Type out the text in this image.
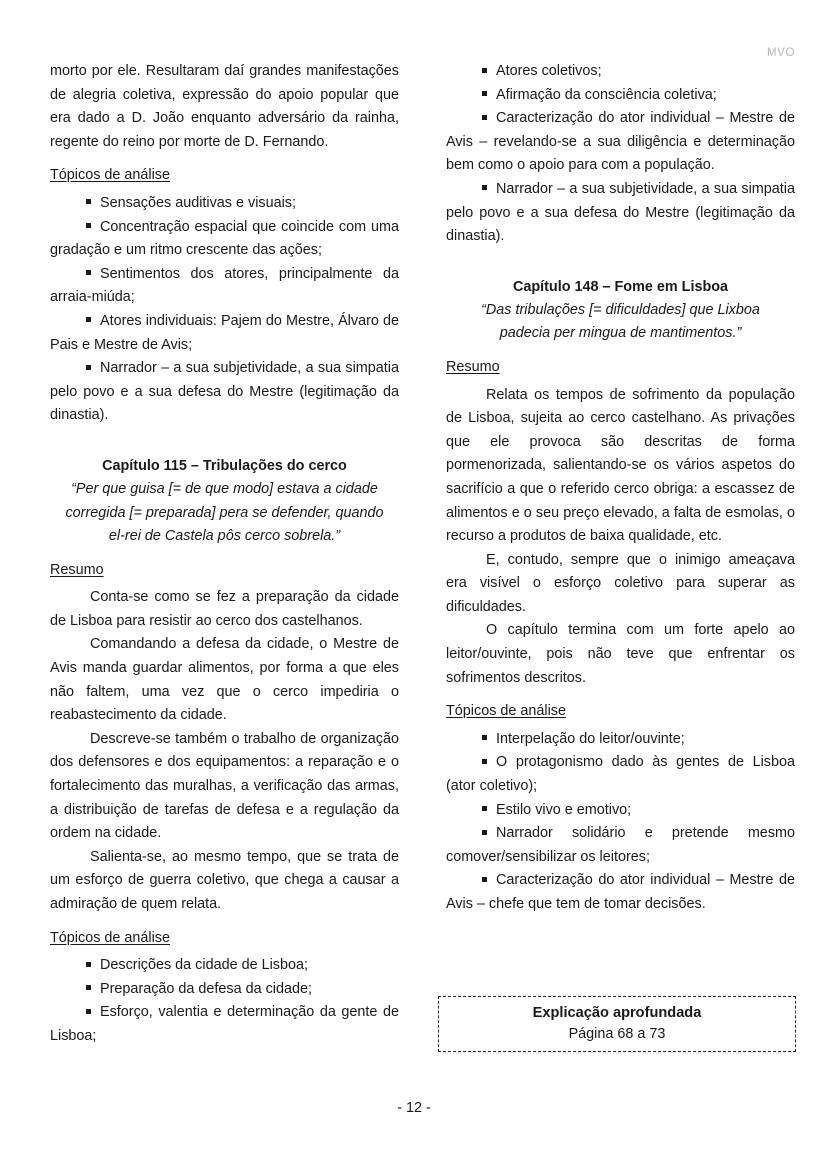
MVO

morto por ele. Resultaram daí grandes manifestações de alegria coletiva, expressão do apoio popular que era dado a D. João enquanto adversário da rainha, regente do reino por morte de D. Fernando.

Tópicos de análise
Sensações auditivas e visuais;
Concentração espacial que coincide com uma gradação e um ritmo crescente das ações;
Sentimentos dos atores, principalmente da arraia-miúda;
Atores individuais: Pajem do Mestre, Álvaro de Pais e Mestre de Avis;
Narrador – a sua subjetividade, a sua simpatia pelo povo e a sua defesa do Mestre (legitimação da dinastia).
Capítulo 115 – Tribulações do cerco
“Per que guisa [= de que modo] estava a cidade
corregida [= preparada] pera se defender, quando
el-rei de Castela pôs cerco sobrela.”
Resumo

Conta-se como se fez a preparação da cidade de Lisboa para resistir ao cerco dos castelhanos.

Comandando a defesa da cidade, o Mestre de Avis manda guardar alimentos, por forma a que eles não faltem, uma vez que o cerco impediria o reabastecimento da cidade.

Descreve-se também o trabalho de organização dos defensores e dos equipamentos: a reparação e o fortalecimento das muralhas, a verificação das armas, a distribuição de tarefas de defesa e a regulação da ordem na cidade.

Salienta-se, ao mesmo tempo, que se trata de um esforço de guerra coletivo, que chega a causar a admiração de quem relata.

Tópicos de análise
Descrições da cidade de Lisboa;
Preparação da defesa da cidade;
Esforço, valentia e determinação da gente de Lisboa;
Atores coletivos;
Afirmação da consciência coletiva;
Caracterização do ator individual – Mestre de Avis – revelando-se a sua diligência e determinação bem como o apoio para com a população.
Narrador – a sua subjetividade, a sua simpatia pelo povo e a sua defesa do Mestre (legitimação da dinastia).
Capítulo 148 – Fome em Lisboa
“Das tribulações [= dificuldades] que Lixboa
padecia per mingua de mantimentos.”
Resumo

Relata os tempos de sofrimento da população de Lisboa, sujeita ao cerco castelhano. As privações que ele provoca são descritas de forma pormenorizada, salientando-se os vários aspetos do sacrifício a que o referido cerco obriga: a escassez de alimentos e o seu preço elevado, a falta de esmolas, o recurso a produtos de baixa qualidade, etc.

E, contudo, sempre que o inimigo ameaçava era visível o esforço coletivo para superar as dificuldades.

O capítulo termina com um forte apelo ao leitor/ouvinte, pois não teve que enfrentar os sofrimentos descritos.

Tópicos de análise
Interpelação do leitor/ouvinte;
O protagonismo dado às gentes de Lisboa (ator coletivo);
Estilo vivo e emotivo;
Narrador solidário e pretende mesmo comover/sensibilizar os leitores;
Caracterização do ator individual – Mestre de Avis – chefe que tem de tomar decisões.
Explicação aprofundada
Página 68 a 73
- 12 -
